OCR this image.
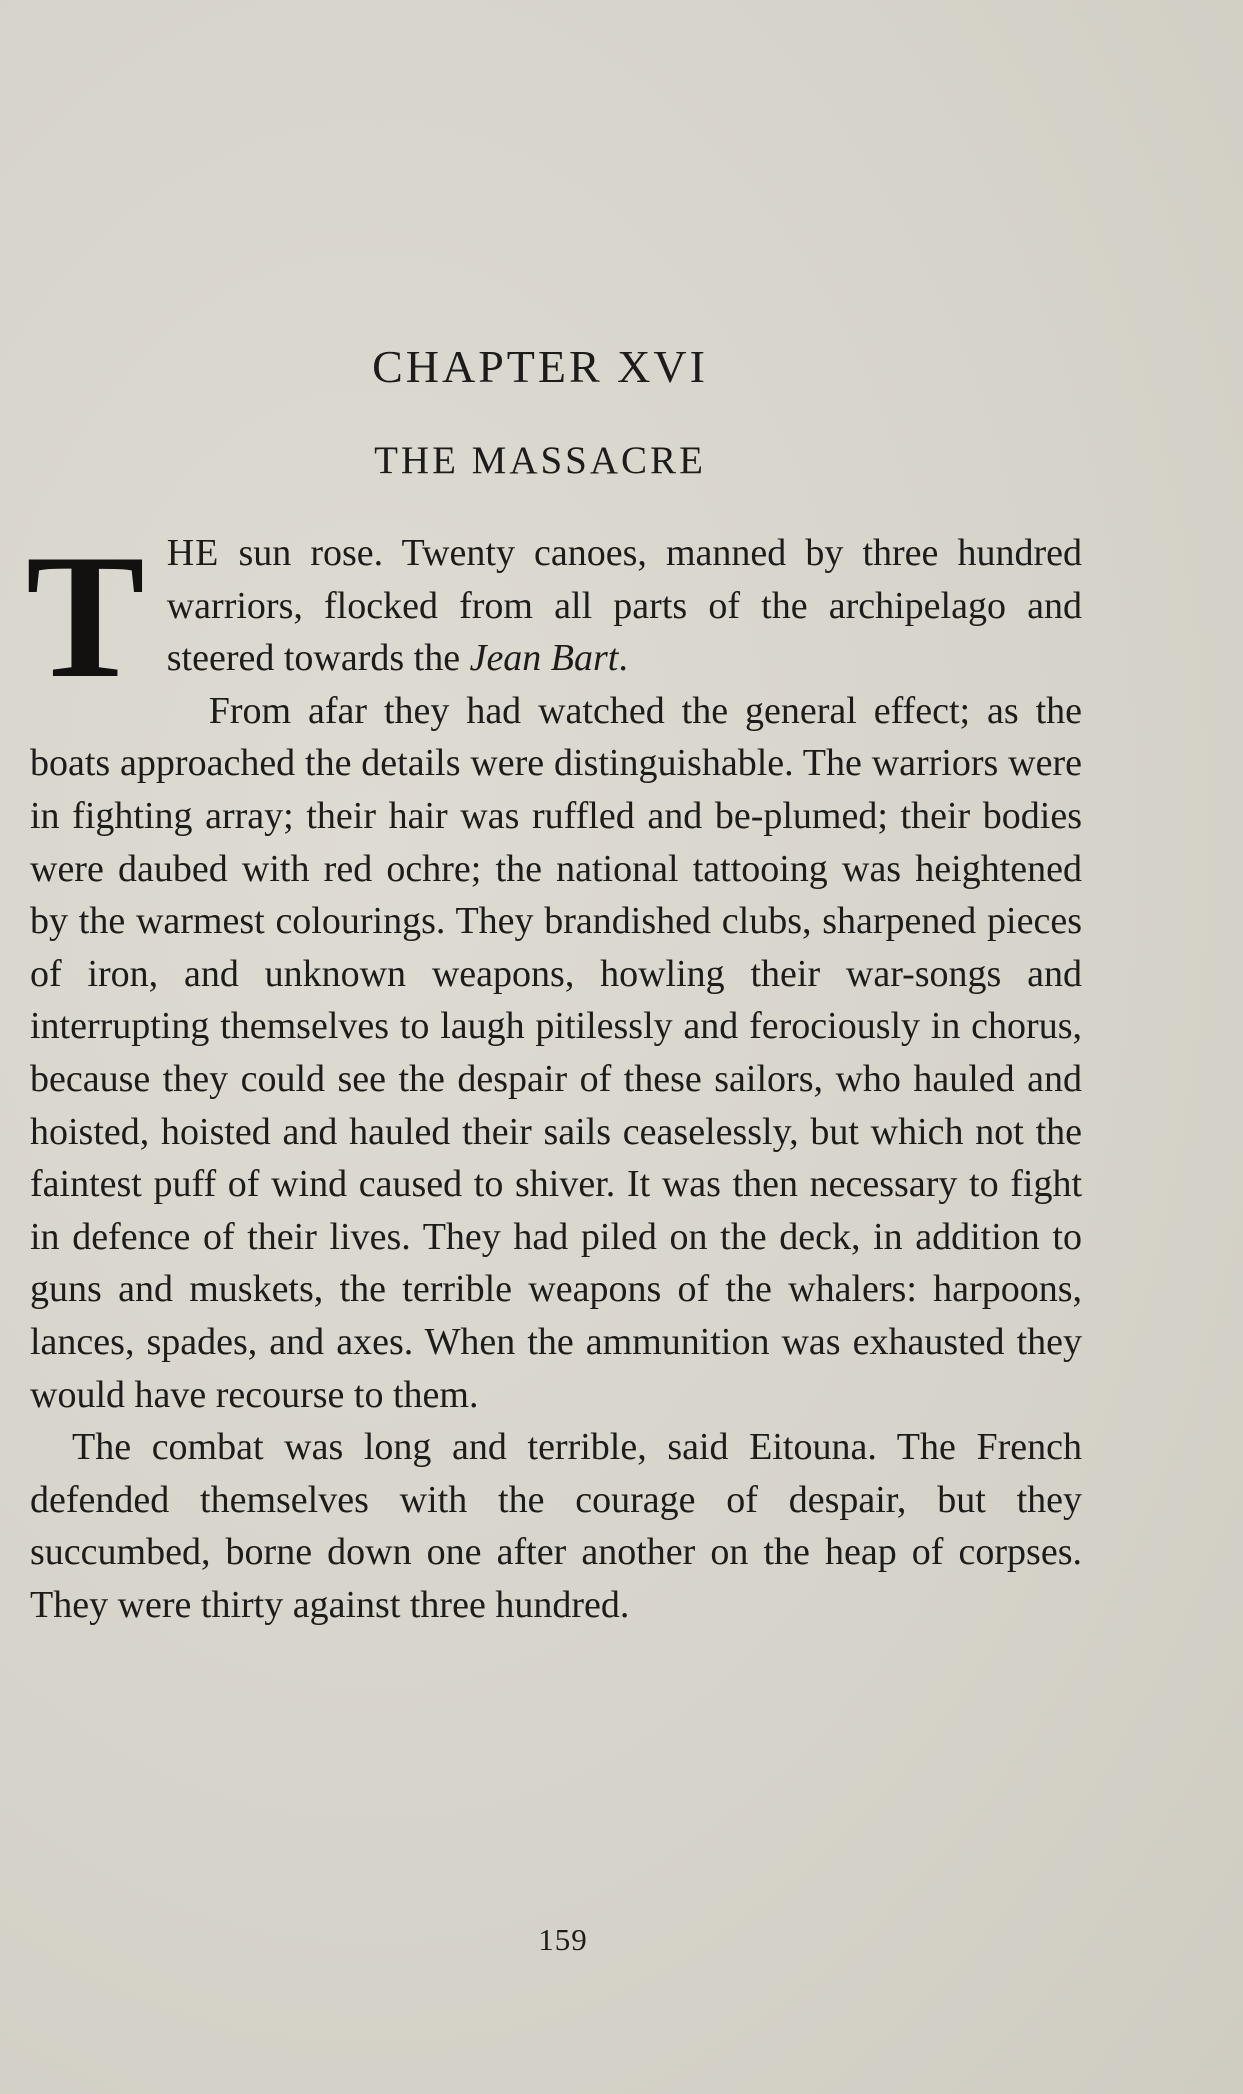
CHAPTER XVI
THE MASSACRE

THE sun rose. Twenty canoes, manned by three hundred warriors, flocked from all parts of the archipelago and steered towards the Jean Bart.

From afar they had watched the general effect; as the boats approached the details were distinguishable. The warriors were in fighting array; their hair was ruffled and be-plumed; their bodies were daubed with red ochre; the national tattooing was heightened by the warmest colourings. They brandished clubs, sharpened pieces of iron, and unknown weapons, howling their war-songs and interrupting themselves to laugh pitilessly and ferociously in chorus, because they could see the despair of these sailors, who hauled and hoisted, hoisted and hauled their sails ceaselessly, but which not the faintest puff of wind caused to shiver. It was then necessary to fight in defence of their lives. They had piled on the deck, in addition to guns and muskets, the terrible weapons of the whalers: harpoons, lances, spades, and axes. When the ammunition was exhausted they would have recourse to them.

The combat was long and terrible, said Eitouna. The French defended themselves with the courage of despair, but they succumbed, borne down one after another on the heap of corpses. They were thirty against three hundred.

159
